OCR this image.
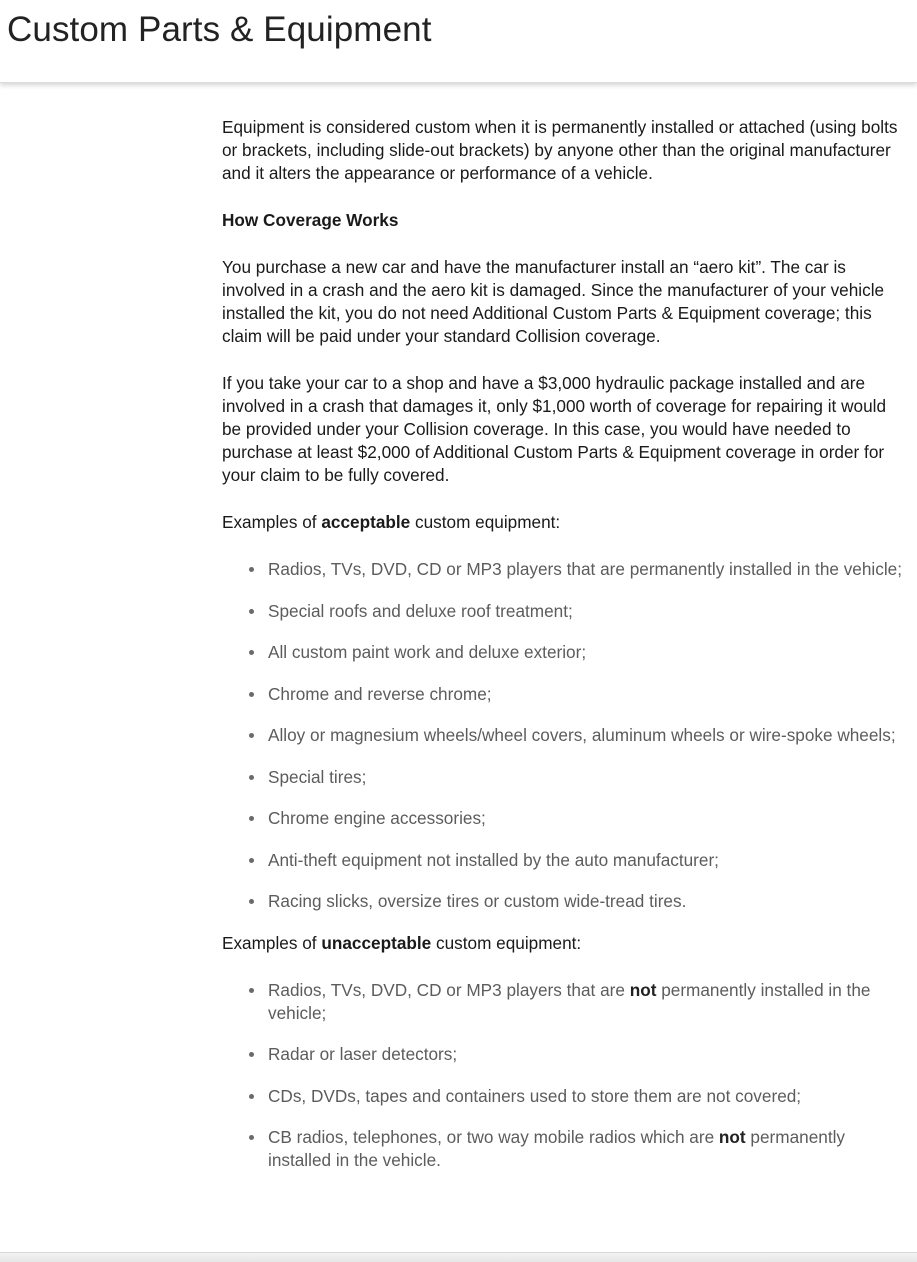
Custom Parts & Equipment

Equipment is considered custom when it is permanently installed or attached (using bolts or brackets, including slide-out brackets) by anyone other than the original manufacturer and it alters the appearance or performance of a vehicle.

How Coverage Works

You purchase a new car and have the manufacturer install an “aero kit”. The car is involved in a crash and the aero kit is damaged. Since the manufacturer of your vehicle installed the kit, you do not need Additional Custom Parts & Equipment coverage; this claim will be paid under your standard Collision coverage.

If you take your car to a shop and have a $3,000 hydraulic package installed and are involved in a crash that damages it, only $1,000 worth of coverage for repairing it would be provided under your Collision coverage. In this case, you would have needed to purchase at least $2,000 of Additional Custom Parts & Equipment coverage in order for your claim to be fully covered.

Examples of acceptable custom equipment:

Radios, TVs, DVD, CD or MP3 players that are permanently installed in the vehicle;
Special roofs and deluxe roof treatment;
All custom paint work and deluxe exterior;
Chrome and reverse chrome;
Alloy or magnesium wheels/wheel covers, aluminum wheels or wire-spoke wheels;
Special tires;
Chrome engine accessories;
Anti-theft equipment not installed by the auto manufacturer;
Racing slicks, oversize tires or custom wide-tread tires.

Examples of unacceptable custom equipment:

Radios, TVs, DVD, CD or MP3 players that are not permanently installed in the vehicle;
Radar or laser detectors;
CDs, DVDs, tapes and containers used to store them are not covered;
CB radios, telephones, or two way mobile radios which are not permanently installed in the vehicle.
